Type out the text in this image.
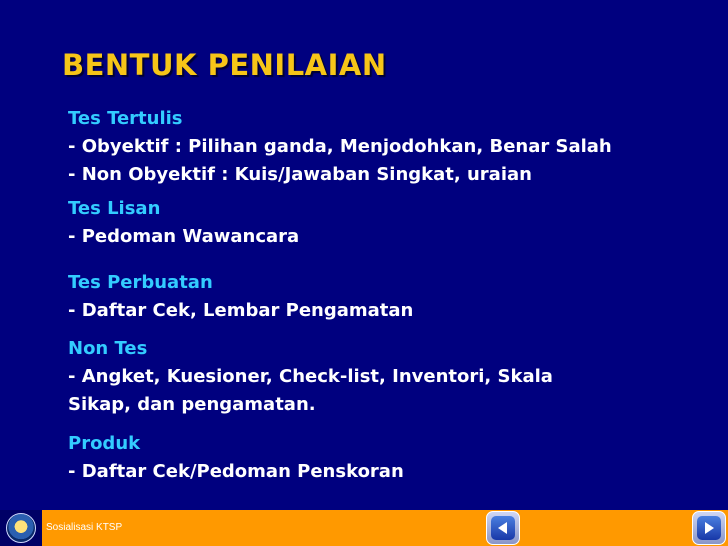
BENTUK PENILAIAN
Tes Tertulis
- Obyektif : Pilihan ganda, Menjodohkan, Benar Salah
- Non Obyektif : Kuis/Jawaban Singkat, uraian
Tes Lisan
- Pedoman Wawancara
Tes Perbuatan
- Daftar Cek, Lembar Pengamatan
Non Tes
- Angket, Kuesioner, Check-list, Inventori, Skala
Sikap, dan pengamatan.
Produk
- Daftar Cek/Pedoman Penskoran
Sosialisasi KTSP
